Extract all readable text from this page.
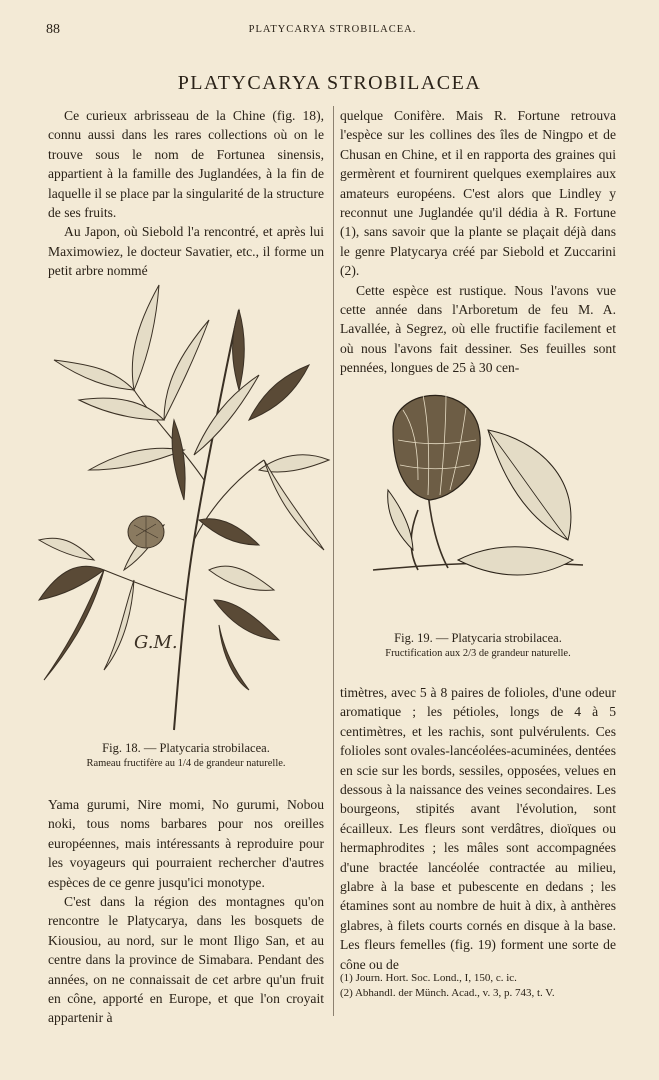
88	PLATYCARYA STROBILACEA.
PLATYCARYA STROBILACEA

Ce curieux arbrisseau de la Chine (fig. 18), connu aussi dans les rares collections où on le trouve sous le nom de Fortunea sinensis, appartient à la famille des Juglandées, à la fin de laquelle il se place par la singularité de la structure de ses fruits.

Au Japon, où Siebold l'a rencontré, et après lui Maximowiez, le docteur Savatier, etc., il forme un petit arbre nommé

G.M.
Fig. 18. — Platycaria strobilacea.
Rameau fructifère au 1/4 de grandeur naturelle.

Yama gurumi, Nire momi, No gurumi, Nobou noki, tous noms barbares pour nos oreilles européennes, mais intéressants à reproduire pour les voyageurs qui pourraient rechercher d'autres espèces de ce genre jusqu'ici monotype.

C'est dans la région des montagnes qu'on rencontre le Platycarya, dans les bosquets de Kiousiou, au nord, sur le mont Iligo San, et au centre dans la province de Simabara. Pendant des années, on ne connaissait de cet arbre qu'un fruit en cône, apporté en Europe, et que l'on croyait appartenir à

quelque Conifère. Mais R. Fortune retrouva l'espèce sur les collines des îles de Ningpo et de Chusan en Chine, et il en rapporta des graines qui germèrent et fournirent quelques exemplaires aux amateurs européens. C'est alors que Lindley y reconnut une Juglandée qu'il dédia à R. Fortune (1), sans savoir que la plante se plaçait déjà dans le genre Platycarya créé par Siebold et Zuccarini (2).

Cette espèce est rustique. Nous l'avons vue cette année dans l'Arboretum de feu M. A. Lavallée, à Segrez, où elle fructifie facilement et où nous l'avons fait dessiner. Ses feuilles sont pennées, longues de 25 à 30 cen-

Fig. 19. — Platycaria strobilacea.
Fructification aux 2/3 de grandeur naturelle.

timètres, avec 5 à 8 paires de folioles, d'une odeur aromatique ; les pétioles, longs de 4 à 5 centimètres, et les rachis, sont pulvérulents. Ces folioles sont ovales-lancéolées-acuminées, dentées en scie sur les bords, sessiles, opposées, velues en dessous à la naissance des veines secondaires. Les bourgeons, stipités avant l'évolution, sont écailleux. Les fleurs sont verdâtres, dioïques ou hermaphrodites ; les mâles sont accompagnées d'une bractée lancéolée contractée au milieu, glabre à la base et pubescente en dedans ; les étamines sont au nombre de huit à dix, à anthères glabres, à filets courts cornés en disque à la base. Les fleurs femelles (fig. 19) forment une sorte de cône ou de

(1) Journ. Hort. Soc. Lond., I, 150, c. ic.
(2) Abhandl. der Münch. Acad., v. 3, p. 743, t. V.
